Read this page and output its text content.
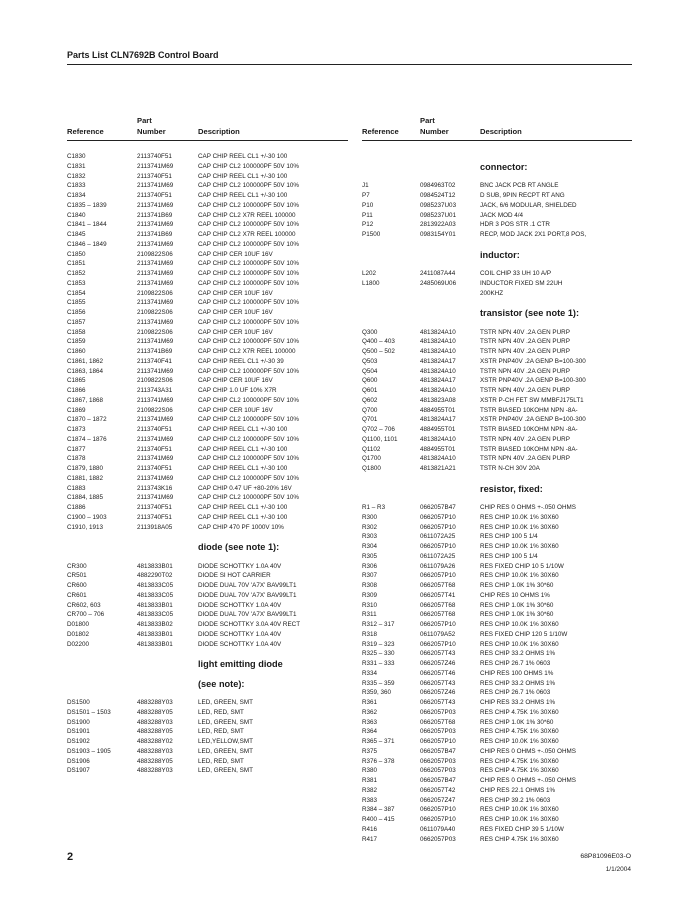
Parts List CLN7692B Control Board
Part
Reference	Number	Description
Part
Reference	Number	Description
C1830	2113740F51	CAP CHIP REEL CL1 +/-30 100
C1831	2113741M69	CAP CHIP CL2 100000PF 50V 10%
C1832	2113740F51	CAP CHIP REEL CL1 +/-30 100
C1833	2113741M69	CAP CHIP CL2 100000PF 50V 10%
C1834	2113740F51	CAP CHIP REEL CL1 +/-30 100
C1835 – 1839	2113741M69	CAP CHIP CL2 100000PF 50V 10%
C1840	2113741B69	CAP CHIP CL2 X7R REEL 100000
C1841 – 1844	2113741M69	CAP CHIP CL2 100000PF 50V 10%
C1845	2113741B69	CAP CHIP CL2 X7R REEL 100000
C1846 – 1849	2113741M69	CAP CHIP CL2 100000PF 50V 10%
C1850	2109822S06	CAP CHIP CER 10UF 16V
C1851	2113741M69	CAP CHIP CL2 100000PF 50V 10%
C1852	2113741M69	CAP CHIP CL2 100000PF 50V 10%
C1853	2113741M69	CAP CHIP CL2 100000PF 50V 10%
C1854	2109822S06	CAP CHIP CER 10UF 16V
C1855	2113741M69	CAP CHIP CL2 100000PF 50V 10%
C1856	2109822S06	CAP CHIP CER 10UF 16V
C1857	2113741M69	CAP CHIP CL2 100000PF 50V 10%
C1858	2109822S06	CAP CHIP CER 10UF 16V
C1859	2113741M69	CAP CHIP CL2 100000PF 50V 10%
C1860	2113741B69	CAP CHIP CL2 X7R REEL 100000
C1861, 1862	2113740F41	CAP CHIP REEL CL1 +/-30 39
C1863, 1864	2113741M69	CAP CHIP CL2 100000PF 50V 10%
C1865	2109822S06	CAP CHIP CER 10UF 16V
C1866	2113743A31	CAP CHIP 1.0 UF 10% X7R
C1867, 1868	2113741M69	CAP CHIP CL2 100000PF 50V 10%
C1869	2109822S06	CAP CHIP CER 10UF 16V
C1870 – 1872	2113741M69	CAP CHIP CL2 100000PF 50V 10%
C1873	2113740F51	CAP CHIP REEL CL1 +/-30 100
C1874 – 1876	2113741M69	CAP CHIP CL2 100000PF 50V 10%
C1877	2113740F51	CAP CHIP REEL CL1 +/-30 100
C1878	2113741M69	CAP CHIP CL2 100000PF 50V 10%
C1879, 1880	2113740F51	CAP CHIP REEL CL1 +/-30 100
C1881, 1882	2113741M69	CAP CHIP CL2 100000PF 50V 10%
C1883	2113743K16	CAP CHIP 0.47 UF +80-20% 16V
C1884, 1885	2113741M69	CAP CHIP CL2 100000PF 50V 10%
C1886	2113740F51	CAP CHIP REEL CL1 +/-30 100
C1900 – 1903	2113740F51	CAP CHIP REEL CL1 +/-30 100
C1910, 1913	2113918A05	CAP CHIP 470 PF 1000V 10%
diode (see note 1):
CR300	4813833B01	DIODE SCHOTTKY 1.0A 40V
CR501	4882290T02	DIODE SI HOT CARRIER
CR600	4813833C05	DIODE DUAL 70V 'A7X' BAV99LT1
CR601	4813833C05	DIODE DUAL 70V 'A7X' BAV99LT1
CR602, 603	4813833B01	DIODE SCHOTTKY 1.0A 40V
CR700 – 706	4813833C05	DIODE DUAL 70V 'A7X' BAV99LT1
D01800	4813833B02	DIODE SCHOTTKY 3.0A 40V RECT
D01802	4813833B01	DIODE SCHOTTKY 1.0A 40V
D02200	4813833B01	DIODE SCHOTTKY 1.0A 40V
light emitting diode
(see note):
DS1500	4883288Y03	LED, GREEN, SMT
DS1501 – 1503	4883288Y05	LED, RED, SMT
DS1900	4883288Y03	LED, GREEN, SMT
DS1901	4883288Y05	LED, RED, SMT
DS1902	4883288Y02	LED,YELLOW,SMT
DS1903 – 1905	4883288Y03	LED, GREEN, SMT
DS1906	4883288Y05	LED, RED, SMT
DS1907	4883288Y03	LED, GREEN, SMT
connector:
J1	0984963T02	BNC JACK PCB RT ANGLE
P7	0984524T12	D SUB, 9PIN RECPT RT ANG
P10	0985237U03	JACK, 6/6 MODULAR, SHIELDED
P11	0985237U01	JACK MOD 4/4
P12	2813922A03	HDR 3 POS STR .1 CTR
P1500	0983154Y01	RECP, MOD JACK 2X1 PORT,8 POS,
inductor:
L202	2411087A44	COIL CHIP 33 UH 10 A/P
L1800	2485069U06	INDUCTOR FIXED SM 22UH
200KHZ
transistor (see note 1):
Q300	4813824A10	TSTR NPN 40V .2A GEN PURP
Q400 – 403	4813824A10	TSTR NPN 40V .2A GEN PURP
Q500 – 502	4813824A10	TSTR NPN 40V .2A GEN PURP
Q503	4813824A17	XSTR PNP40V .2A GENP B=100-300
Q504	4813824A10	TSTR NPN 40V .2A GEN PURP
Q600	4813824A17	XSTR PNP40V .2A GENP B=100-300
Q601	4813824A10	TSTR NPN 40V .2A GEN PURP
Q602	4813823A08	XSTR P-CH FET SW MMBFJ175LT1
Q700	4884955T01	TSTR BIASED 10KOHM NPN -8A-
Q701	4813824A17	XSTR PNP40V .2A GENP B=100-300
Q702 – 706	4884955T01	TSTR BIASED 10KOHM NPN -8A-
Q1100, 1101	4813824A10	TSTR NPN 40V .2A GEN PURP
Q1102	4884955T01	TSTR BIASED 10KOHM NPN -8A-
Q1700	4813824A10	TSTR NPN 40V .2A GEN PURP
Q1800	4813821A21	TSTR N-CH 30V 20A
resistor, fixed:
R1 – R3	0662057B47	CHIP RES 0 OHMS +-.050 OHMS
R300	0662057P10	RES CHIP 10.0K 1% 30X60
R302	0662057P10	RES CHIP 10.0K 1% 30X60
R303	0611072A25	RES CHIP 100 5 1/4
R304	0662057P10	RES CHIP 10.0K 1% 30X60
R305	0611072A25	RES CHIP 100 5 1/4
R306	0611079A26	RES FIXED CHIP 10 5 1/10W
R307	0662057P10	RES CHIP 10.0K 1% 30X60
R308	0662057T68	RES CHIP 1.0K 1% 30*60
R309	0662057T41	CHIP RES 10 OHMS 1%
R310	0662057T68	RES CHIP 1.0K 1% 30*60
R311	0662057T68	RES CHIP 1.0K 1% 30*60
R312 – 317	0662057P10	RES CHIP 10.0K 1% 30X60
R318	0611079A52	RES FIXED CHIP 120 5 1/10W
R319 – 323	0662057P10	RES CHIP 10.0K 1% 30X60
R325 – 330	0662057T43	RES CHIP 33.2 OHMS 1%
R331 – 333	0662057Z46	RES CHIP 26.7 1% 0603
R334	0662057T46	CHIP RES 100 OHMS 1%
R335 – 359	0662057T43	RES CHIP 33.2 OHMS 1%
R359, 360	0662057Z46	RES CHIP 26.7 1% 0603
R361	0662057T43	CHIP RES 33.2 OHMS 1%
R362	0662057P03	RES CHIP 4.75K 1% 30X60
R363	0662057T68	RES CHIP 1.0K 1% 30*60
R364	0662057P03	RES CHIP 4.75K 1% 30X60
R365 – 371	0662057P10	RES CHIP 10.0K 1% 30X60
R375	0662057B47	CHIP RES 0 OHMS +-.050 OHMS
R376 – 378	0662057P03	RES CHIP 4.75K 1% 30X60
R380	0662057P03	RES CHIP 4.75K 1% 30X60
R381	0662057B47	CHIP RES 0 OHMS +-.050 OHMS
R382	0662057T42	CHIP RES 22.1 OHMS 1%
R383	0662057Z47	RES CHIP 39.2 1% 0603
R384 – 387	0662057P10	RES CHIP 10.0K 1% 30X60
R400 – 415	0662057P10	RES CHIP 10.0K 1% 30X60
R416	0611079A40	RES FIXED CHIP 39 5 1/10W
R417	0662057P03	RES CHIP 4.75K 1% 30X60
2	68P81096E03-O
1/1/2004
